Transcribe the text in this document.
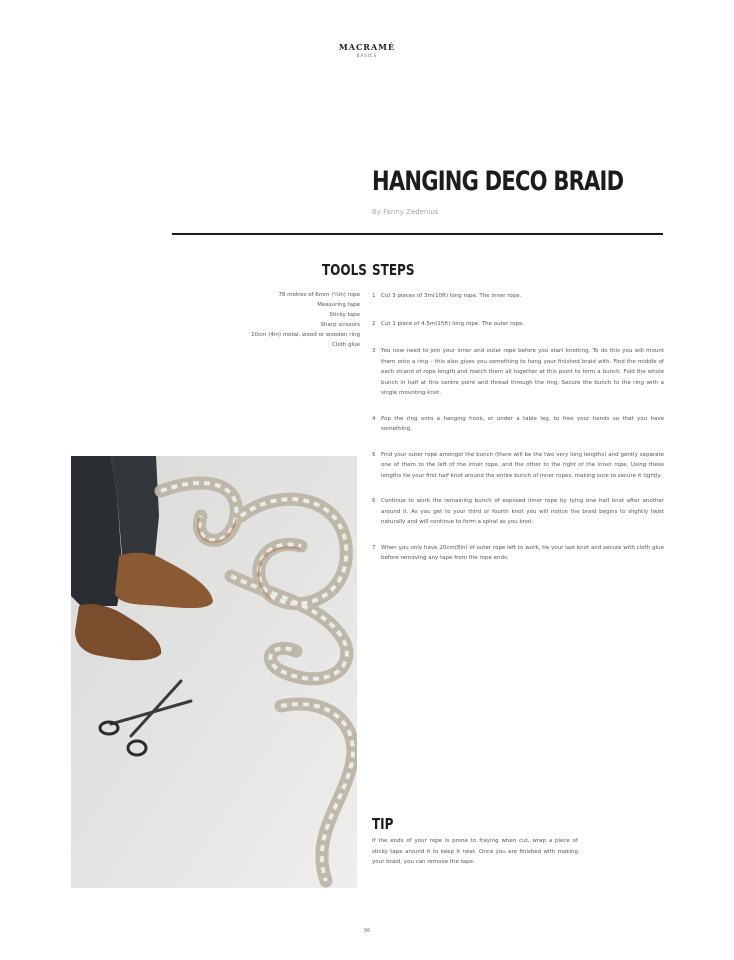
MACRAMÉ
BASICS
HANGING DECO BRAID
By Fanny Zedenius
TOOLS
78 metres of 6mm (¼in) rope
Measuring tape
Sticky tape
Sharp scissors
10cm (4in) metal, wood or wooden ring
Cloth glue
STEPS
1	Cut 3 pieces of 3m(10ft) long rope. The inner rope.
2	Cut 1 piece of 4.5m(15ft) long rope. The outer rope.
3	You now need to join your inner and outer rope before you start knotting. To do this you will mount them onto a ring – this also gives you something to hang your finished braid with. Find the middle of each strand of rope length and match them all together at this point to form a bunch. Fold the whole bunch in half at this centre point and thread through the ring. Secure the bunch to the ring with a single mounting knot.
4	Pop the ring onto a hanging hook, or under a table leg, to free your hands so that you have something.
5	Find your outer rope amongst the bunch (there will be the two very long lengths) and gently separate one of them to the left of the inner rope, and the other to the right of the inner rope. Using these lengths tie your first half knot around the entire bunch of inner ropes, making sure to secure it tightly.
6	Continue to work the remaining bunch of exposed inner rope by tying one half knot after another around it. As you get to your third or fourth knot you will notice the braid begins to slightly twist naturally and will continue to form a spiral as you knot.
7	When you only have 20cm(8in) of outer rope left to work, tie your last knot and secure with cloth glue before removing any tape from the rope ends.
TIP
If the ends of your rope is prone to fraying when cut, wrap a piece of sticky tape around it to keep it neat. Once you are finished with making your braid, you can remove the tape.
96
